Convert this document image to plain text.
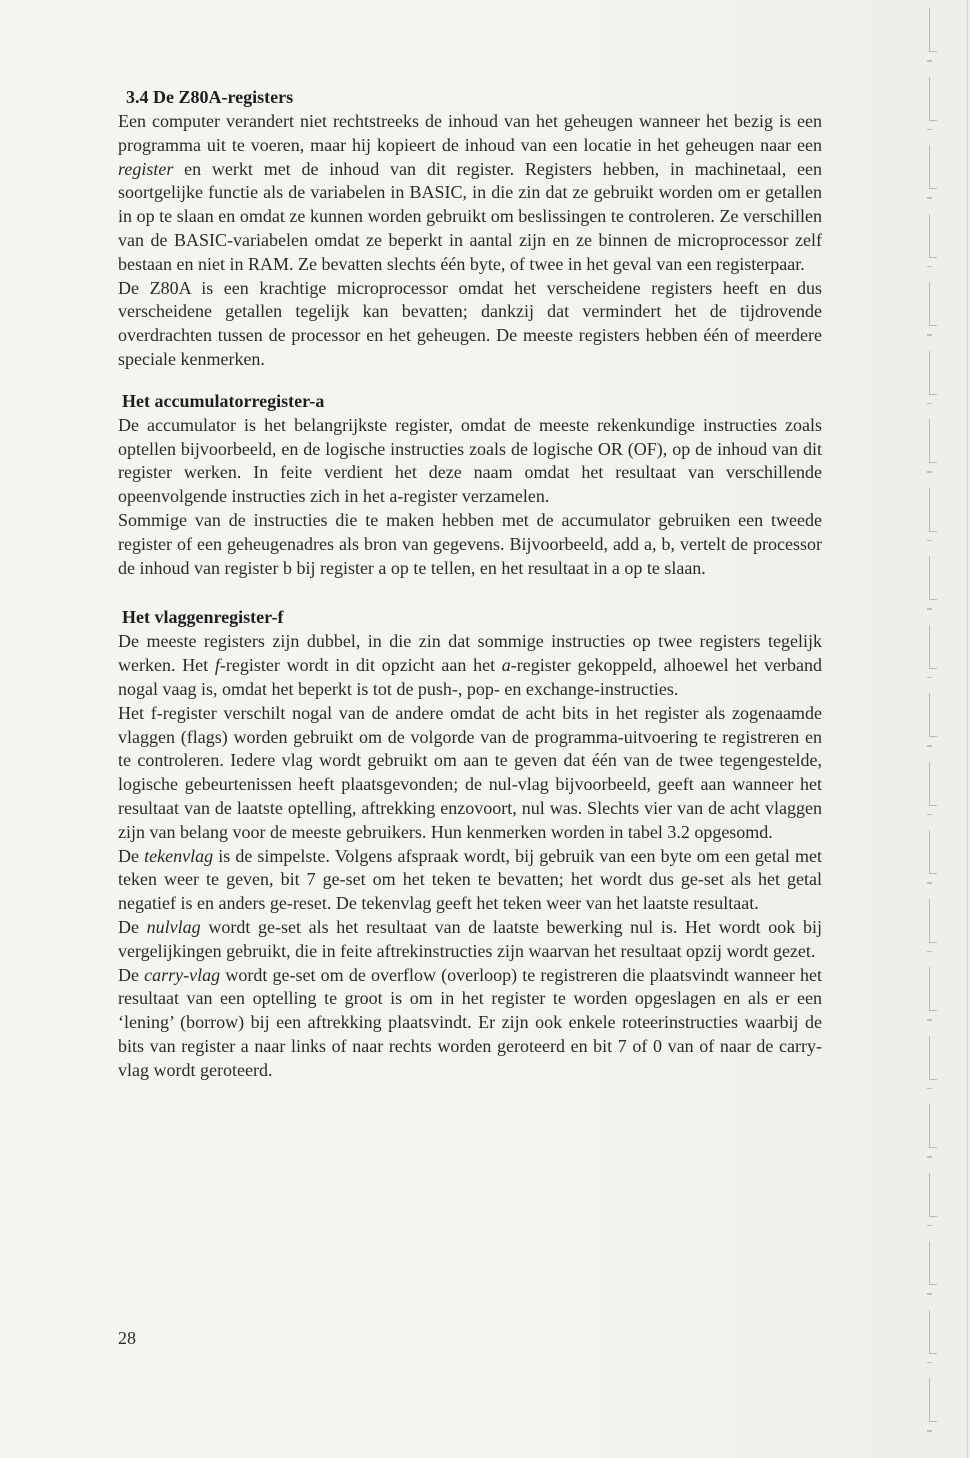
3.4 De Z80A-registers

Een computer verandert niet rechtstreeks de inhoud van het geheugen wanneer het bezig is een programma uit te voeren, maar hij kopieert de inhoud van een locatie in het geheugen naar een register en werkt met de inhoud van dit register. Registers hebben, in machinetaal, een soortgelijke functie als de variabelen in BASIC, in die zin dat ze gebruikt worden om er getallen in op te slaan en omdat ze kunnen worden gebruikt om beslissingen te controleren. Ze verschillen van de BASIC-variabelen omdat ze beperkt in aantal zijn en ze binnen de microprocessor zelf bestaan en niet in RAM. Ze bevatten slechts één byte, of twee in het geval van een registerpaar.

De Z80A is een krachtige microprocessor omdat het verscheidene registers heeft en dus verscheidene getallen tegelijk kan bevatten; dankzij dat vermindert het de tijdrovende overdrachten tussen de processor en het geheugen. De meeste registers hebben één of meerdere speciale kenmerken.

Het accumulatorregister-a

De accumulator is het belangrijkste register, omdat de meeste rekenkundige instructies zoals optellen bijvoorbeeld, en de logische instructies zoals de logische OR (OF), op de inhoud van dit register werken. In feite verdient het deze naam omdat het resultaat van verschillende opeenvolgende instructies zich in het a-register verzamelen.

Sommige van de instructies die te maken hebben met de accumulator gebruiken een tweede register of een geheugenadres als bron van gegevens. Bijvoorbeeld, add a, b, vertelt de processor de inhoud van register b bij register a op te tellen, en het resultaat in a op te slaan.

Het vlaggenregister-f

De meeste registers zijn dubbel, in die zin dat sommige instructies op twee registers tegelijk werken. Het f-register wordt in dit opzicht aan het a-register gekoppeld, alhoewel het verband nogal vaag is, omdat het beperkt is tot de push-, pop- en exchange-instructies.

Het f-register verschilt nogal van de andere omdat de acht bits in het register als zogenaamde vlaggen (flags) worden gebruikt om de volgorde van de programma-uitvoering te registreren en te controleren. Iedere vlag wordt gebruikt om aan te geven dat één van de twee tegengestelde, logische gebeurtenissen heeft plaatsgevonden; de nul-vlag bijvoorbeeld, geeft aan wanneer het resultaat van de laatste optelling, aftrekking enzovoort, nul was. Slechts vier van de acht vlaggen zijn van belang voor de meeste gebruikers. Hun kenmerken worden in tabel 3.2 opgesomd.

De tekenvlag is de simpelste. Volgens afspraak wordt, bij gebruik van een byte om een getal met teken weer te geven, bit 7 ge-set om het teken te bevatten; het wordt dus ge-set als het getal negatief is en anders ge-reset. De tekenvlag geeft het teken weer van het laatste resultaat.

De nulvlag wordt ge-set als het resultaat van de laatste bewerking nul is. Het wordt ook bij vergelijkingen gebruikt, die in feite aftrekinstructies zijn waarvan het resultaat opzij wordt gezet.

De carry-vlag wordt ge-set om de overflow (overloop) te registreren die plaatsvindt wanneer het resultaat van een optelling te groot is om in het register te worden opgeslagen en als er een ‘lening’ (borrow) bij een aftrekking plaatsvindt. Er zijn ook enkele roteerinstructies waarbij de bits van register a naar links of naar rechts worden geroteerd en bit 7 of 0 van of naar de carry-vlag wordt geroteerd.

28
